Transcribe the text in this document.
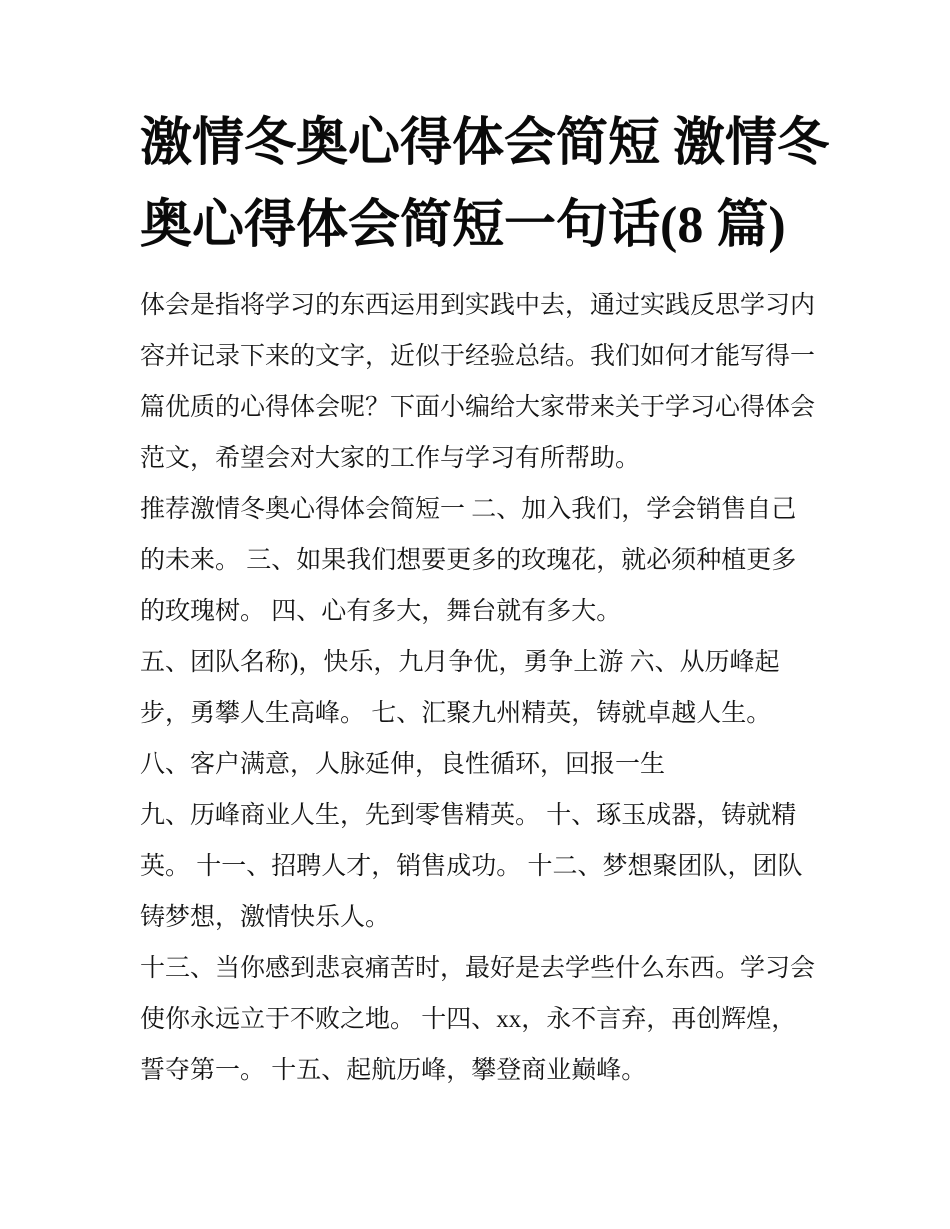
激情冬奥心得体会简短 激情冬
奥心得体会简短一句话(8 篇)
体会是指将学习的东西运用到实践中去，通过实践反思学习内
容并记录下来的文字，近似于经验总结。我们如何才能写得一
篇优质的心得体会呢？下面小编给大家带来关于学习心得体会
范文，希望会对大家的工作与学习有所帮助。
推荐激情冬奥心得体会简短一 二、加入我们，学会销售自己
的未来。 三、如果我们想要更多的玫瑰花，就必须种植更多
的玫瑰树。 四、心有多大，舞台就有多大。
五、团队名称)，快乐，九月争优，勇争上游 六、从历峰起
步，勇攀人生高峰。 七、汇聚九州精英，铸就卓越人生。
八、客户满意，人脉延伸，良性循环，回报一生
九、历峰商业人生，先到零售精英。 十、琢玉成器，铸就精
英。 十一、招聘人才，销售成功。 十二、梦想聚团队，团队
铸梦想，激情快乐人。
十三、当你感到悲哀痛苦时，最好是去学些什么东西。学习会
使你永远立于不败之地。 十四、xx，永不言弃，再创辉煌，
誓夺第一。 十五、起航历峰，攀登商业巅峰。
